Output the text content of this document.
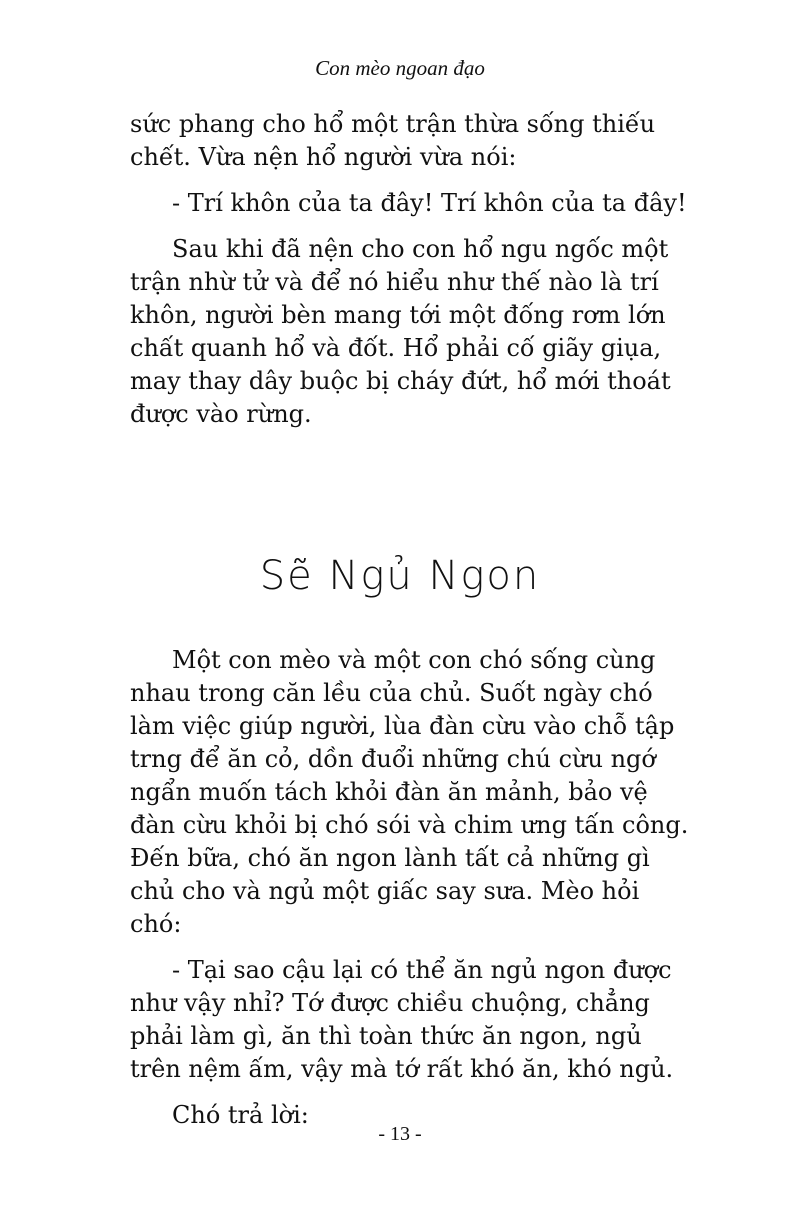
Con mèo ngoan đạo

sức phang cho hổ một trận thừa sống thiếu chết. Vừa nện hổ người vừa nói:

- Trí khôn của ta đây! Trí khôn của ta đây!

Sau khi đã nện cho con hổ ngu ngốc một trận nhừ tử và để nó hiểu như thế nào là trí khôn, người bèn mang tới một đống rơm lớn chất quanh hổ và đốt. Hổ phải cố giãy giụa, may thay dây buộc bị cháy đứt, hổ mới thoát được vào rừng.

Sẽ Ngủ Ngon

Một con mèo và một con chó sống cùng nhau trong căn lều của chủ. Suốt ngày chó làm việc giúp người, lùa đàn cừu vào chỗ tập trng để ăn cỏ, dồn đuổi những chú cừu ngớ ngẩn muốn tách khỏi đàn ăn mảnh, bảo vệ đàn cừu khỏi bị chó sói và chim ưng tấn công. Đến bữa, chó ăn ngon lành tất cả những gì chủ cho và ngủ một giấc say sưa. Mèo hỏi chó:

- Tại sao cậu lại có thể ăn ngủ ngon được như vậy nhỉ? Tớ được chiều chuộng, chẳng phải làm gì, ăn thì toàn thức ăn ngon, ngủ trên nệm ấm, vậy mà tớ rất khó ăn, khó ngủ.

Chó trả lời:

- 13 -
